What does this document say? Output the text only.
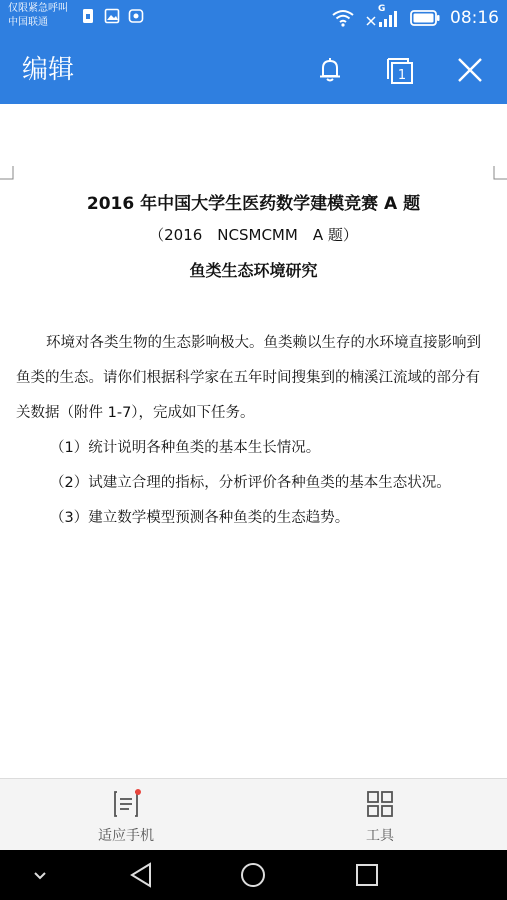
仅限紧急呼叫
中国联通
G	08:16
编辑	1
2016 年中国大学生医药数学建模竞赛 A 题
（2016　NCSMCMM　A 题）
鱼类生态环境研究

环境对各类生物的生态影响极大。鱼类赖以生存的水环境直接影响到鱼类的生态。请你们根据科学家在五年时间搜集到的楠溪江流域的部分有关数据（附件 1-7），完成如下任务。

（1）统计说明各种鱼类的基本生长情况。

（2）试建立合理的指标，分析评价各种鱼类的基本生态状况。

（3）建立数学模型预测各种鱼类的生态趋势。

适应手机	工具
